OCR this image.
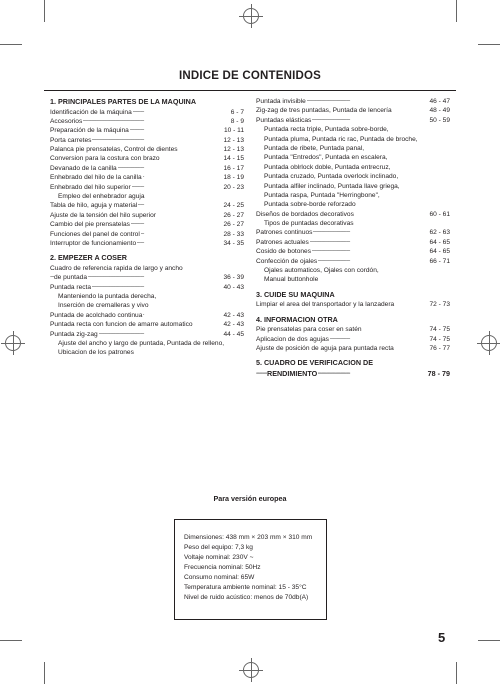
INDICE DE CONTENIDOS
1. PRINCIPALES PARTES DE LA MAQUINA
- - - Identificación de la máquina	6 - 7
- - - Accesorios	8 - 9
- - - Preparación de la máquina	10 - 11
- - - Porta carretes	12 - 13
- - - Palanca pie prensatelas, Control de dientes	12 - 13
- - - Conversion para la costura con brazo	14 - 15
- - - Devanado de la canilla	16 - 17
- - - Enhebrado del hilo de la canilla	18 - 19
- - - Enhebrado del hilo superior	20 - 23
Empleo del enhebrador aguja
- - - Tabla de hilo, aguja y material	24 - 25
- - - Ajuste de la tensión del hilo superior	26 - 27
- - - Cambio del pie prensatelas	26 - 27
- - - Funciones del panel de control	28 - 33
- - - Interruptor de funcionamiento	34 - 35
2. EMPEZER A COSER
Cuadro de referencia rapida de largo y ancho
- - - de puntada	36 - 39
- - - Puntada recta	40 - 43
Manteniendo la puntada derecha,
Inserción de cremalleras y vivo
- - - Puntada de acolchado continua	42 - 43
- - - Puntada recta con funcion de amarre automatico	42 - 43
- - - Puntada zig-zag	44 - 45
Ajuste del ancho y largo de puntada, Puntada de relleno,
Ubicacion de los patrones
- - - Puntada invisible	46 - 47
- - - Zig-zag de tres puntadas, Puntada de lencería	48 - 49
- - - Puntadas elásticas	50 - 59
Puntada recta triple, Puntada sobre-borde,
Puntada pluma, Puntada ric rac, Puntada de broche,
Puntada de ribete, Puntada panal,
Puntada "Entredos", Puntada en escalera,
Puntada oblrlock doble, Puntada entrecruz,
Puntada cruzado, Puntada overlock inclinado,
Puntada alfiler inclinado, Puntada llave griega,
Puntada raspa, Puntada "Herringbone",
Puntada sobre-borde reforzado
- - - Diseños de bordados decorativos	60 - 61
Tipos de puntadas decorativas
- - - Patrones continuos	62 - 63
- - - Patrones actuales	64 - 65
- - - Cosido de botones	64 - 65
- - - Confección de ojales	66 - 71
Ojales automaticos, Ojales con cordón,
Manual buttonhole
3. CUIDE SU MAQUINA
- - - Limpiar el area del transportador y la lanzadera	72 - 73
4. INFORMACION OTRA
- - - Pie prensatelas para coser en satén	74 - 75
- - - Aplicacion de dos agujas	74 - 75
- - - Ajuste de posición de aguja para puntada recta	76 - 77
5. CUADRO DE VERIFICACION DE
- - - RENDIMIENTO	78 - 79
Para versión europea
Dimensiones: 438 mm × 203 mm × 310 mm
Peso del equipo: 7,3 kg
Voltaje nominal: 230V ~
Frecuencia nominal: 50Hz
Consumo nominal: 65W
Temperatura ambiente nominal: 15 - 35°C
Nivel de ruido acústico: menos de 70db(A)
5
